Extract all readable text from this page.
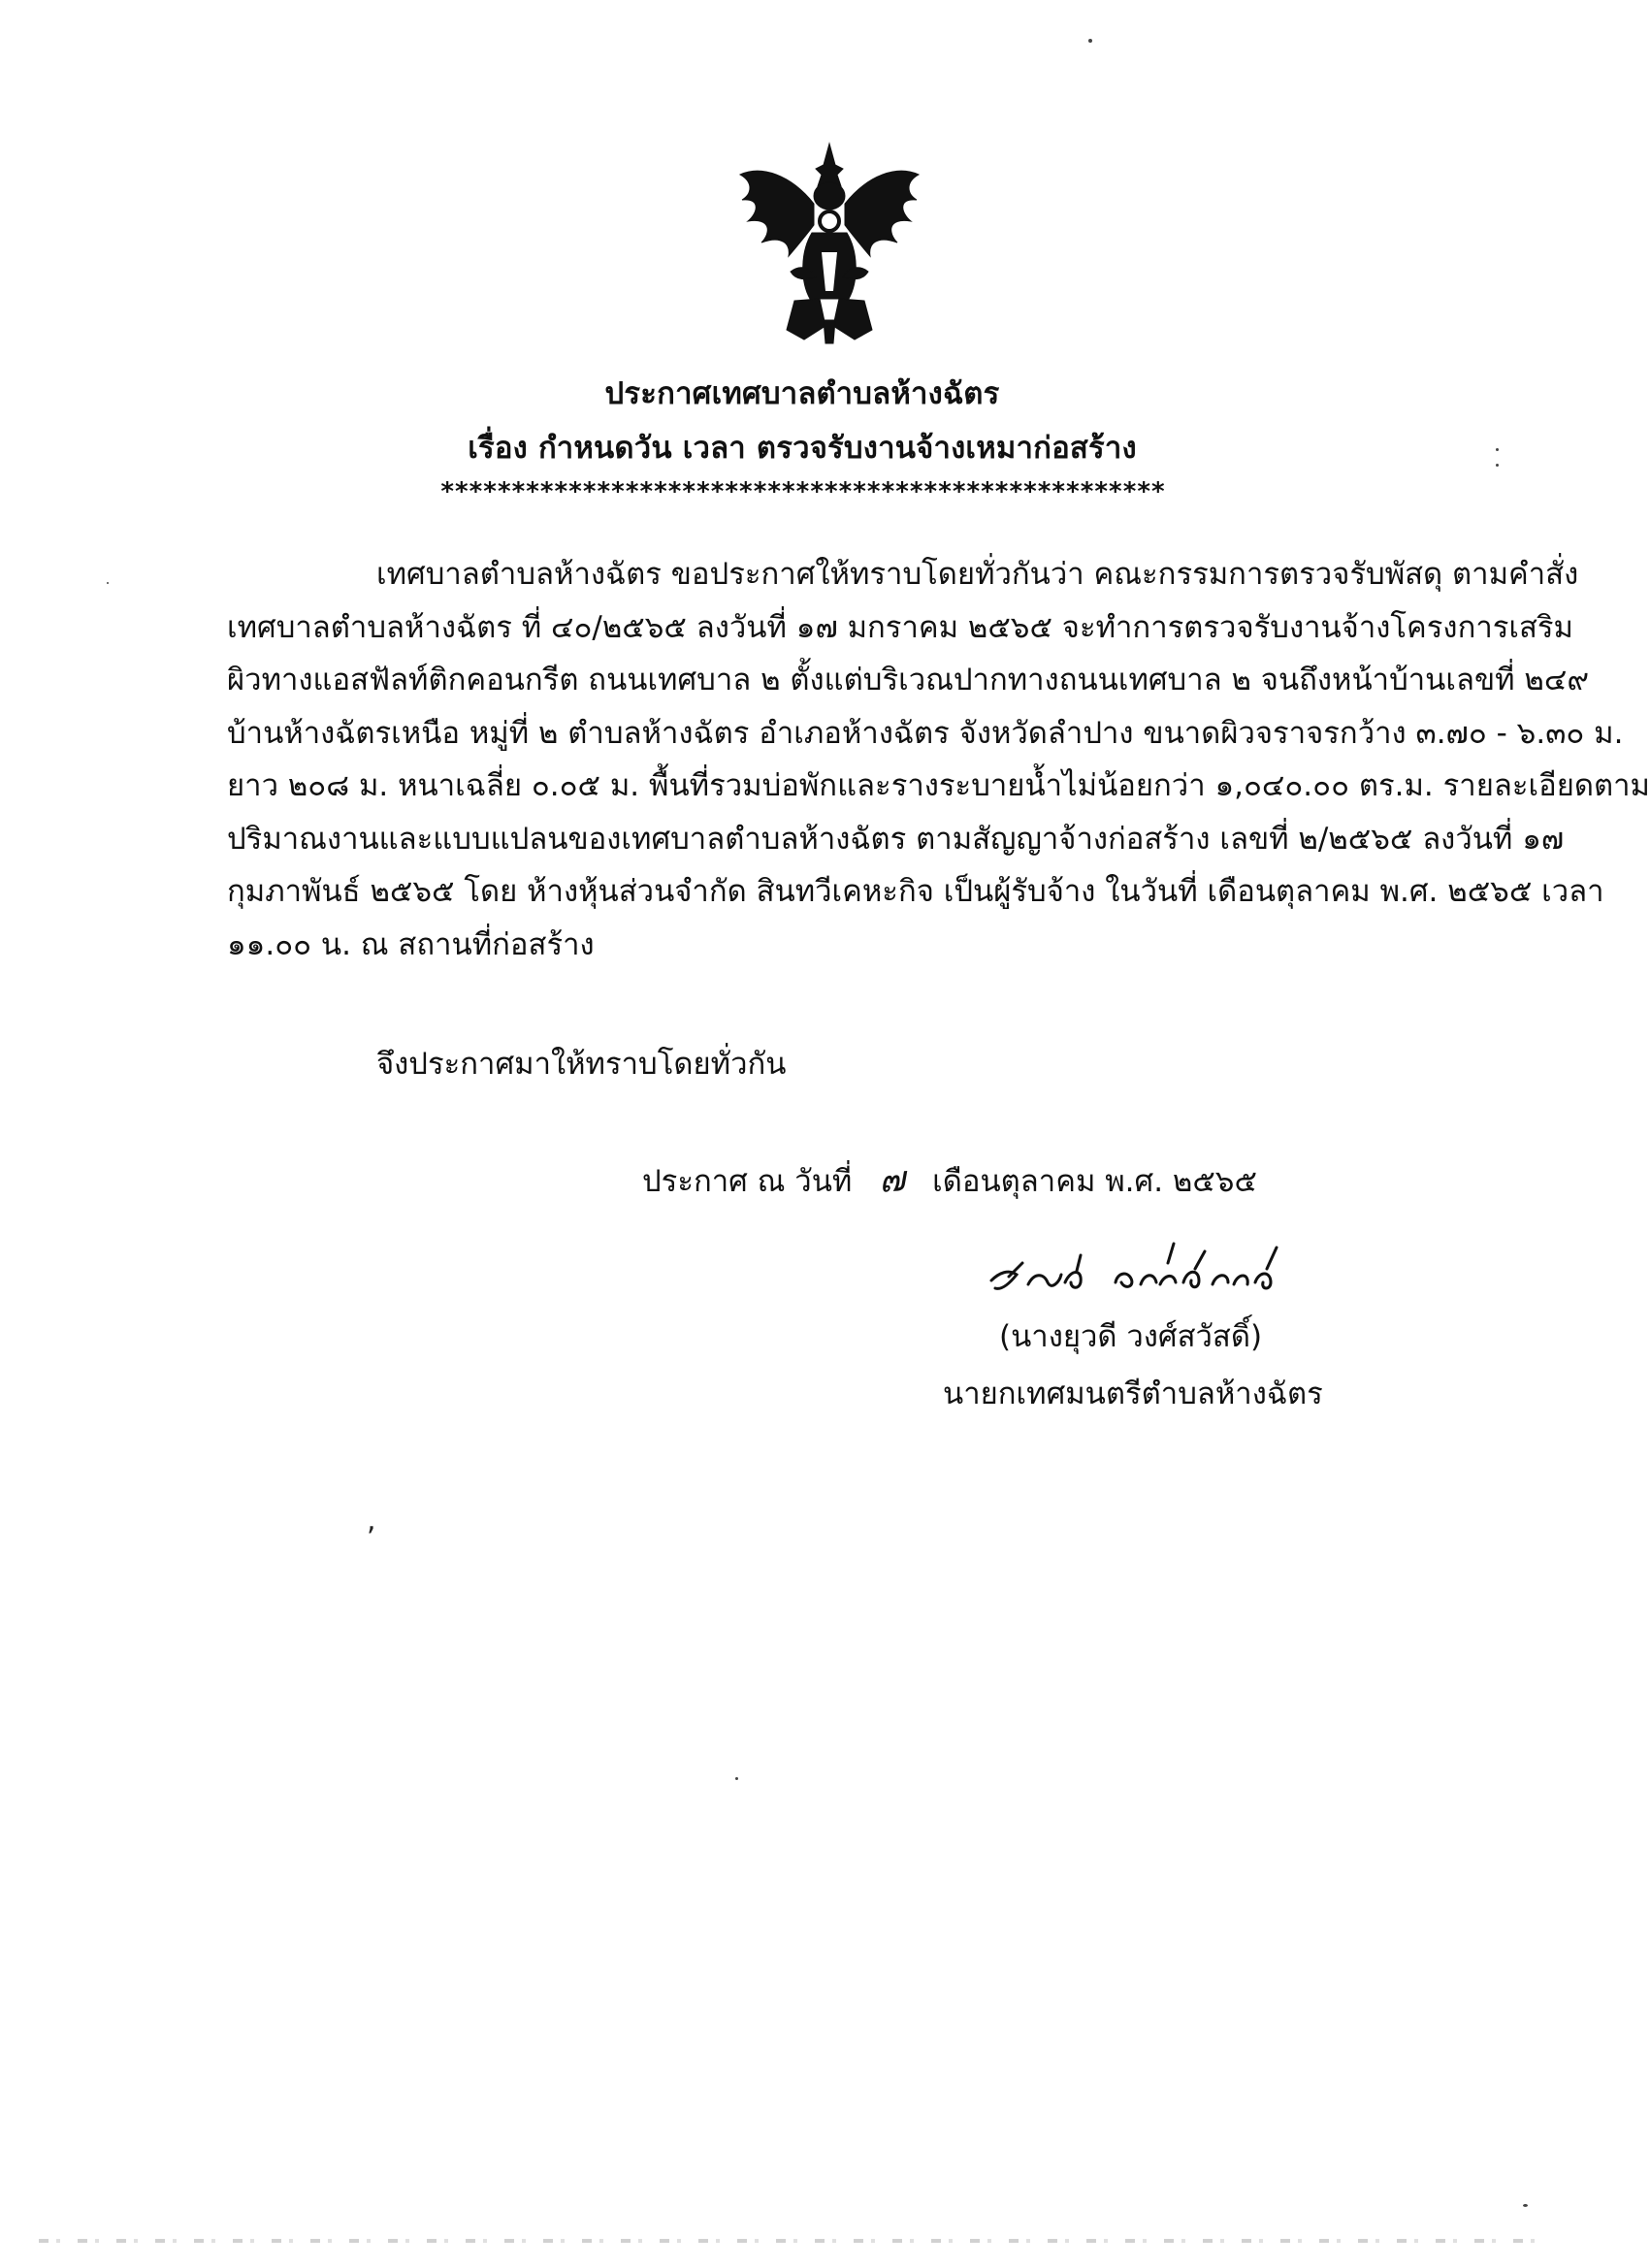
ประกาศเทศบาลตำบลห้างฉัตร
เรื่อง กำหนดวัน เวลา ตรวจรับงานจ้างเหมาก่อสร้าง
***************************************************
เทศบาลตำบลห้างฉัตร ขอประกาศให้ทราบโดยทั่วกันว่า คณะกรรมการตรวจรับพัสดุ ตามคำสั่ง
เทศบาลตำบลห้างฉัตร ที่ ๔๐/๒๕๖๕ ลงวันที่ ๑๗ มกราคม ๒๕๖๕ จะทำการตรวจรับงานจ้างโครงการเสริม
ผิวทางแอสฟัลท์ติกคอนกรีต ถนนเทศบาล ๒ ตั้งแต่บริเวณปากทางถนนเทศบาล ๒ จนถึงหน้าบ้านเลขที่ ๒๔๙
บ้านห้างฉัตรเหนือ หมู่ที่ ๒ ตำบลห้างฉัตร อำเภอห้างฉัตร จังหวัดลำปาง ขนาดผิวจราจรกว้าง ๓.๗๐ - ๖.๓๐ ม.
ยาว ๒๐๘ ม. หนาเฉลี่ย ๐.๐๕ ม. พื้นที่รวมบ่อพักและรางระบายน้ำไม่น้อยกว่า ๑,๐๔๐.๐๐ ตร.ม. รายละเอียดตาม
ปริมาณงานและแบบแปลนของเทศบาลตำบลห้างฉัตร ตามสัญญาจ้างก่อสร้าง เลขที่ ๒/๒๕๖๕ ลงวันที่ ๑๗
กุมภาพันธ์ ๒๕๖๕ โดย ห้างหุ้นส่วนจำกัด สินทวีเคหะกิจ เป็นผู้รับจ้าง ในวันที่ เดือนตุลาคม พ.ศ. ๒๕๖๕ เวลา
๑๑.๐๐ น. ณ สถานที่ก่อสร้าง
จึงประกาศมาให้ทราบโดยทั่วกัน
ประกาศ ณ วันที่ ๗ เดือนตุลาคม พ.ศ. ๒๕๖๕
(นางยุวดี วงศ์สวัสดิ์)
นายกเทศมนตรีตำบลห้างฉัตร
,
